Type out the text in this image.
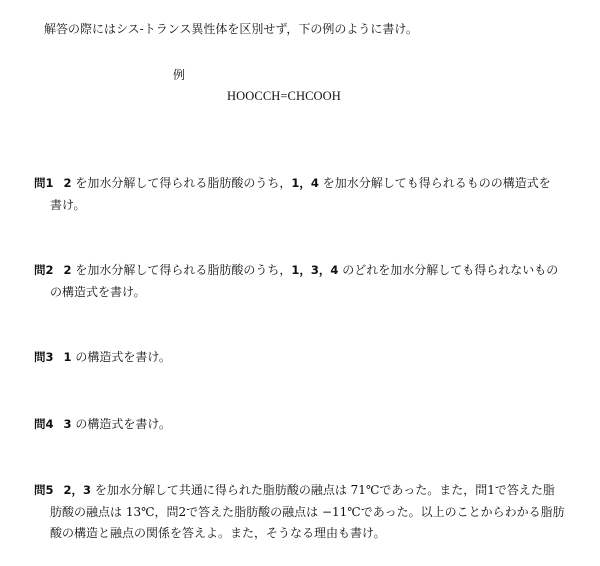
解答の際にはシス-トランス異性体を区別せず，下の例のように書け。
例
HOOCCH=CHCOOH
問1 2 を加水分解して得られる脂肪酸のうち，1，4 を加水分解しても得られるものの構造式を
書け。
問2 2 を加水分解して得られる脂肪酸のうち，1，3，4 のどれを加水分解しても得られないもの
の構造式を書け。
問3 1 の構造式を書け。
問4 3 の構造式を書け。
問5 2，3 を加水分解して共通に得られた脂肪酸の融点は 71℃であった。また，問1で答えた脂
肪酸の融点は 13℃，問2で答えた脂肪酸の融点は −11℃であった。以上のことからわかる脂肪
酸の構造と融点の関係を答えよ。また，そうなる理由も書け。
